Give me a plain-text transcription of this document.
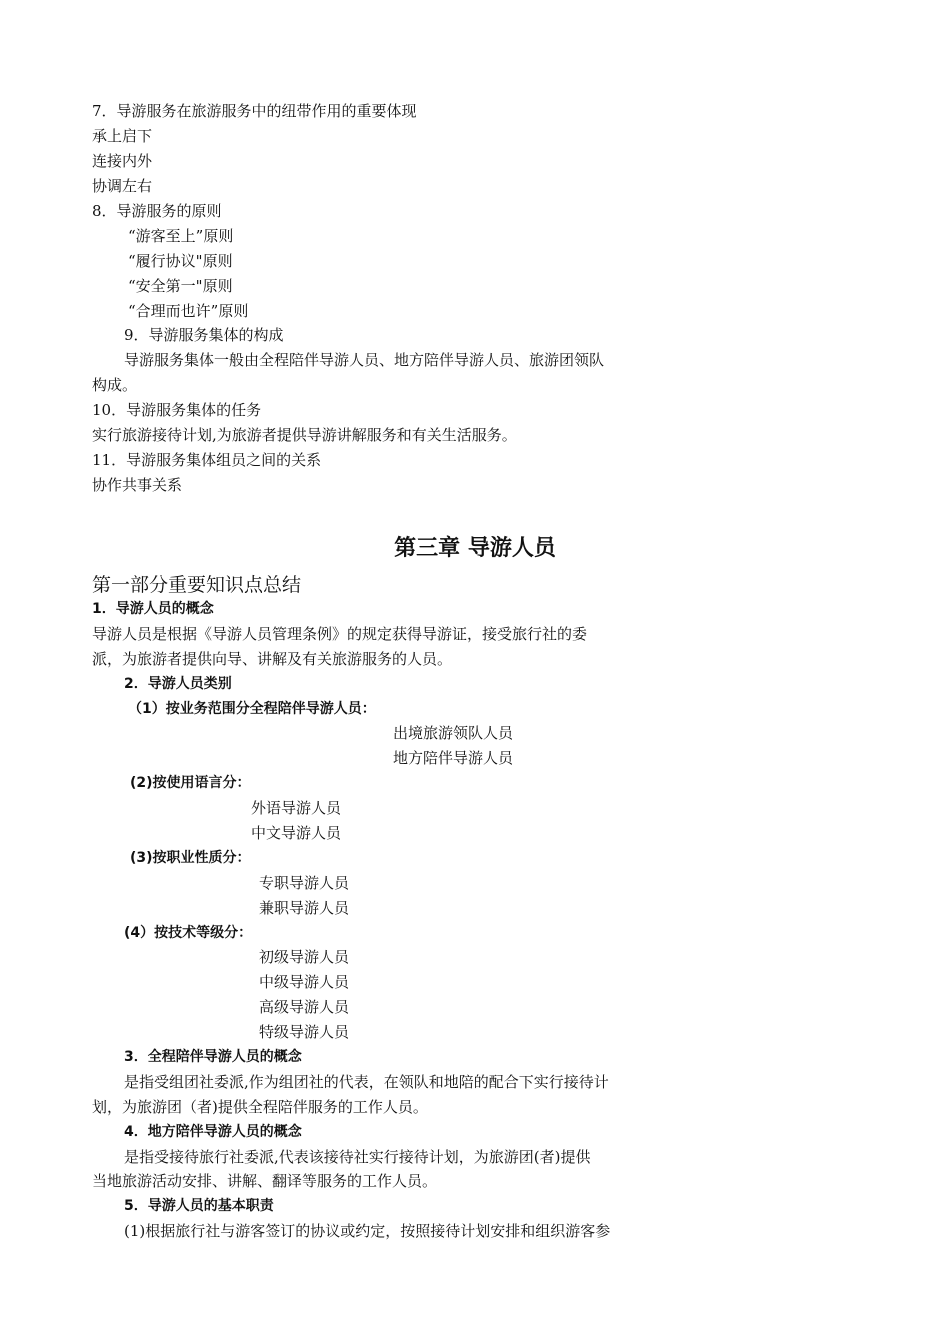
7．导游服务在旅游服务中的纽带作用的重要体现
承上启下
连接内外
协调左右
8．导游服务的原则
“游客至上”原则
“履行协议"原则
“安全第一"原则
“合理而也许”原则
9．导游服务集体的构成
导游服务集体一般由全程陪伴导游人员、地方陪伴导游人员、旅游团领队
构成。
10．导游服务集体的任务
实行旅游接待计划,为旅游者提供导游讲解服务和有关生活服务。
11．导游服务集体组员之间的关系
协作共事关系
第三章 导游人员
第一部分重要知识点总结
1．导游人员的概念
导游人员是根据《导游人员管理条例》的规定获得导游证，接受旅行社的委
派，为旅游者提供向导、讲解及有关旅游服务的人员。
2．导游人员类别
（1）按业务范围分全程陪伴导游人员：
出境旅游领队人员
地方陪伴导游人员
(2)按使用语言分：
外语导游人员
中文导游人员
(3)按职业性质分：
专职导游人员
兼职导游人员
(4）按技术等级分：
初级导游人员
中级导游人员
高级导游人员
特级导游人员
3．全程陪伴导游人员的概念
是指受组团社委派,作为组团社的代表，在领队和地陪的配合下实行接待计
划，为旅游团（者)提供全程陪伴服务的工作人员。
4．地方陪伴导游人员的概念
是指受接待旅行社委派,代表该接待社实行接待计划，为旅游团(者)提供
当地旅游活动安排、讲解、翻译等服务的工作人员。
5．导游人员的基本职责
(1)根据旅行社与游客签订的协议或约定，按照接待计划安排和组织游客参
